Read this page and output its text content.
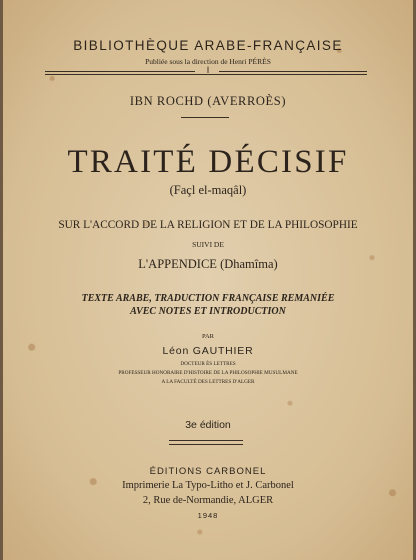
BIBLIOTHÈQUE ARABE-FRANÇAISE
Publiée sous la direction de Henri PÉRÈS
I
IBN ROCHD (AVERROÈS)
TRAITÉ DÉCISIF
(Façl el-maqâl)
SUR L'ACCORD DE LA RELIGION ET DE LA PHILOSOPHIE
SUIVI DE
L'APPENDICE (Dhamîma)
TEXTE ARABE, TRADUCTION FRANÇAISE REMANIÉE
AVEC NOTES ET INTRODUCTION
PAR
Léon GAUTHIER
DOCTEUR ÈS LETTRES
PROFESSEUR HONORAIRE D'HISTOIRE DE LA PHILOSOPHIE MUSULMANE
A LA FACULTÉ DES LETTRES D'ALGER
3e édition
ÉDITIONS CARBONEL
Imprimerie La Typo-Litho et J. Carbonel
2, Rue de-Normandie, ALGER
1948
